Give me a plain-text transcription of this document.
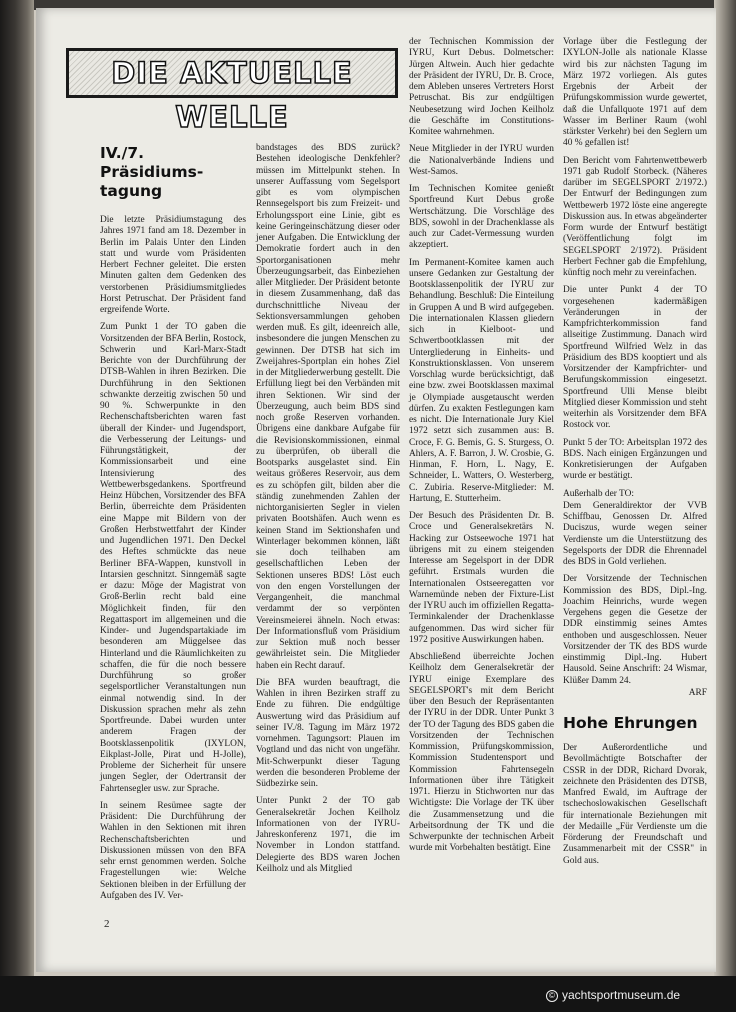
DIE AKTUELLE WELLE

IV./7. Präsidiums-tagung

Die letzte Präsidiumstagung des Jahres 1971 fand am 18. Dezember in Berlin im Palais Unter den Linden statt und wurde vom Präsidenten Herbert Fechner geleitet. Die ersten Minuten galten dem Gedenken des verstorbenen Präsidiumsmitgliedes Horst Petruschat. Der Präsident fand ergreifende Worte.

Zum Punkt 1 der TO gaben die Vorsitzenden der BFA Berlin, Rostock, Schwerin und Karl-Marx-Stadt Berichte von der Durchführung der DTSB-Wahlen in ihren Bezirken. Die Durchführung in den Sektionen schwankte derzeitig zwischen 50 und 90 %. Schwerpunkte in den Rechenschaftsberichten waren fast überall der Kinder- und Jugendsport, die Verbesserung der Leitungs- und Führungstätigkeit, der Kommissionsarbeit und eine Intensivierung des Wettbewerbsgedankens. Sportfreund Heinz Hübchen, Vorsitzender des BFA Berlin, überreichte dem Präsidenten eine Mappe mit Bildern von der Großen Herbstwettfahrt der Kinder und Jugendlichen 1971. Den Deckel des Heftes schmückte das neue Berliner BFA-Wappen, kunstvoll in Intarsien geschnitzt. Sinngemäß sagte er dazu: Möge der Magistrat von Groß-Berlin recht bald eine Möglichkeit finden, für den Regattasport im allgemeinen und die Kinder- und Jugendspartakiade im besonderen am Müggelsee das Hinterland und die Räumlichkeiten zu schaffen, die für die noch bessere Durchführung so großer segelsportlicher Veranstaltungen nun einmal notwendig sind. In der Diskussion sprachen mehr als zehn Sportfreunde. Dabei wurden unter anderem Fragen der Bootsklassenpolitik (IXYLON, Eikplast-Jolle, Pirat und H-Jolle), Probleme der Sicherheit für unsere jungen Segler, der Odertransit der Fahrtensegler usw. zur Sprache.

In seinem Resümee sagte der Präsident: Die Durchführung der Wahlen in den Sektionen mit ihren Rechenschaftsberichten und Diskussionen müssen von den BFA sehr ernst genommen werden. Solche Fragestellungen wie: Welche Sektionen bleiben in der Erfüllung der Aufgaben des IV. Ver-

bandstages des BDS zurück? Bestehen ideologische Denkfehler? müssen im Mittelpunkt stehen. In unserer Auffassung vom Segelsport gibt es vom olympischen Rennsegelsport bis zum Freizeit- und Erholungssport eine Linie, gibt es keine Geringeinschätzung dieser oder jener Aufgaben. Die Entwicklung der Demokratie fordert auch in den Sportorganisationen mehr Überzeugungsarbeit, das Einbeziehen aller Mitglieder. Der Präsident betonte in diesem Zusammenhang, daß das durchschnittliche Niveau der Sektionsversammlungen gehoben werden muß. Es gilt, ideenreich alle, insbesondere die jungen Menschen zu gewinnen. Der DTSB hat sich im Zweijahres-Sportplan ein hohes Ziel in der Mitgliederwerbung gestellt. Die Erfüllung liegt bei den Verbänden mit ihren Sektionen. Wir sind der Überzeugung, auch beim BDS sind noch große Reserven vorhanden. Übrigens eine dankbare Aufgabe für die Revisionskommissionen, einmal zu überprüfen, ob überall die Bootsparks ausgelastet sind. Ein weitaus größeres Reservoir, aus dem es zu schöpfen gilt, bilden aber die ständig zunehmenden Zahlen der nichtorganisierten Segler in vielen privaten Bootshäfen. Auch wenn es keinen Stand im Sektionshafen und Winterlager bekommen können, läßt sie doch teilhaben am gesellschaftlichen Leben der Sektionen unseres BDS! Löst euch von den engen Vorstellungen der Vergangenheit, die manchmal verdammt der so verpönten Vereinsmeierei ähneln. Noch etwas: Der Informationsfluß vom Präsidium zur Sektion muß noch besser gewährleistet sein. Die Mitglieder haben ein Recht darauf.

Die BFA wurden beauftragt, die Wahlen in ihren Bezirken straff zu Ende zu führen. Die endgültige Auswertung wird das Präsidium auf seiner IV./8. Tagung im März 1972 vornehmen. Tagungsort: Plauen im Vogtland und das nicht von ungefähr. Mit-Schwerpunkt dieser Tagung werden die besonderen Probleme der Südbezirke sein.

Unter Punkt 2 der TO gab Generalsekretär Jochen Keilholz Informationen von der IYRU-Jahreskonferenz 1971, die im November in London stattfand. Delegierte des BDS waren Jochen Keilholz und als Mitglied

der Technischen Kommission der IYRU, Kurt Debus. Dolmetscher: Jürgen Altwein. Auch hier gedachte der Präsident der IYRU, Dr. B. Croce, dem Ableben unseres Vertreters Horst Petruschat. Bis zur endgültigen Neubesetzung wird Jochen Keilholz die Geschäfte im Constitutions-Komitee wahrnehmen.

Neue Mitglieder in der IYRU wurden die Nationalverbände Indiens und West-Samos.

Im Technischen Komitee genießt Sportfreund Kurt Debus große Wertschätzung. Die Vorschläge des BDS, sowohl in der Drachenklasse als auch zur Cadet-Vermessung wurden akzeptiert.

Im Permanent-Komitee kamen auch unsere Gedanken zur Gestaltung der Bootsklassenpolitik der IYRU zur Behandlung. Beschluß: Die Einteilung in Gruppen A und B wird aufgegeben. Die internationalen Klassen gliedern sich in Kielboot- und Schwertbootklassen mit der Untergliederung in Einheits- und Konstruktionsklassen. Von unserem Vorschlag wurde berücksichtigt, daß eine bzw. zwei Bootsklassen maximal je Olympiade ausgetauscht werden dürfen. Zu exakten Festlegungen kam es nicht. Die Internationale Jury Kiel 1972 setzt sich zusammen aus: B. Croce, F. G. Bemis, G. S. Sturgess, O. Ahlers, A. F. Barron, J. W. Crosbie, G. Hinman, F. Horn, L. Nagy, E. Schneider, L. Watters, O. Westerberg, C. Zubiria. Reserve-Mitglieder: M. Hartung, E. Stutterheim.

Der Besuch des Präsidenten Dr. B. Croce und Generalsekretärs N. Hacking zur Ostseewoche 1971 hat übrigens mit zu einem steigenden Interesse am Segelsport in der DDR geführt. Erstmals wurden die Internationalen Ostseeregatten vor Warnemünde neben der Fixture-List der IYRU auch im offiziellen Regatta-Terminkalender der Drachenklasse aufgenommen. Das wird sicher für 1972 positive Auswirkungen haben.

Abschließend überreichte Jochen Keilholz dem Generalsekretär der IYRU einige Exemplare des SEGELSPORT's mit dem Bericht über den Besuch der Repräsentanten der IYRU in der DDR. Unter Punkt 3 der TO der Tagung des BDS gaben die Vorsitzenden der Technischen Kommission, Prüfungskommission, Kommission Studentensport und Kommission Fahrtensegeln Informationen über ihre Tätigkeit 1971. Hierzu in Stichworten nur das Wichtigste: Die Vorlage der TK über die Zusammensetzung und die Arbeitsordnung der TK und die Schwerpunkte der technischen Arbeit wurde mit Vorbehalten bestätigt. Eine

Vorlage über die Festlegung der IXYLON-Jolle als nationale Klasse wird bis zur nächsten Tagung im März 1972 vorliegen. Als gutes Ergebnis der Arbeit der Prüfungskommission wurde gewertet, daß die Unfallquote 1971 auf dem Wasser im Berliner Raum (wohl stärkster Verkehr) bei den Seglern um 40 % gefallen ist!

Den Bericht vom Fahrtenwettbewerb 1971 gab Rudolf Storbeck. (Näheres darüber im SEGELSPORT 2/1972.) Der Entwurf der Bedingungen zum Wettbewerb 1972 löste eine angeregte Diskussion aus. In etwas abgeänderter Form wurde der Entwurf bestätigt (Veröffentlichung folgt im SEGELSPORT 2/1972). Präsident Herbert Fechner gab die Empfehlung, künftig noch mehr zu vereinfachen.

Die unter Punkt 4 der TO vorgesehenen kadermäßigen Veränderungen in der Kampfrichterkommission fand allseitige Zustimmung. Danach wird Sportfreund Wilfried Welz in das Präsidium des BDS kooptiert und als Vorsitzender der Kampfrichter- und Berufungskommission eingesetzt. Sportfreund Ulli Mense bleibt Mitglied dieser Kommission und steht weiterhin als Vorsitzender dem BFA Rostock vor.

Punkt 5 der TO: Arbeitsplan 1972 des BDS. Nach einigen Ergänzungen und Konkretisierungen der Aufgaben wurde er bestätigt.

Außerhalb der TO:

Dem Generaldirektor der VVB Schiffbau, Genossen Dr. Alfred Duciszus, wurde wegen seiner Verdienste um die Unterstützung des Segelsports der DDR die Ehrennadel des BDS in Gold verliehen.

Der Vorsitzende der Technischen Kommission des BDS, Dipl.-Ing. Joachim Heinrichs, wurde wegen Vergehens gegen die Gesetze der DDR einstimmig seines Amtes enthoben und ausgeschlossen. Neuer Vorsitzender der TK des BDS wurde einstimmig Dipl.-Ing. Hubert Hausold. Seine Anschrift: 24 Wismar, Klüßer Damm 24.

ARF

Hohe Ehrungen

Der Außerordentliche und Bevollmächtigte Botschafter der CSSR in der DDR, Richard Dvorak, zeichnete den Präsidenten des DTSB, Manfred Ewald, im Auftrage der tschechoslowakischen Gesellschaft für internationale Beziehungen mit der Medaille „Für Verdienste um die Förderung der Freundschaft und Zusammenarbeit mit der CSSR" in Gold aus.

2
© yachtsportmuseum.de
